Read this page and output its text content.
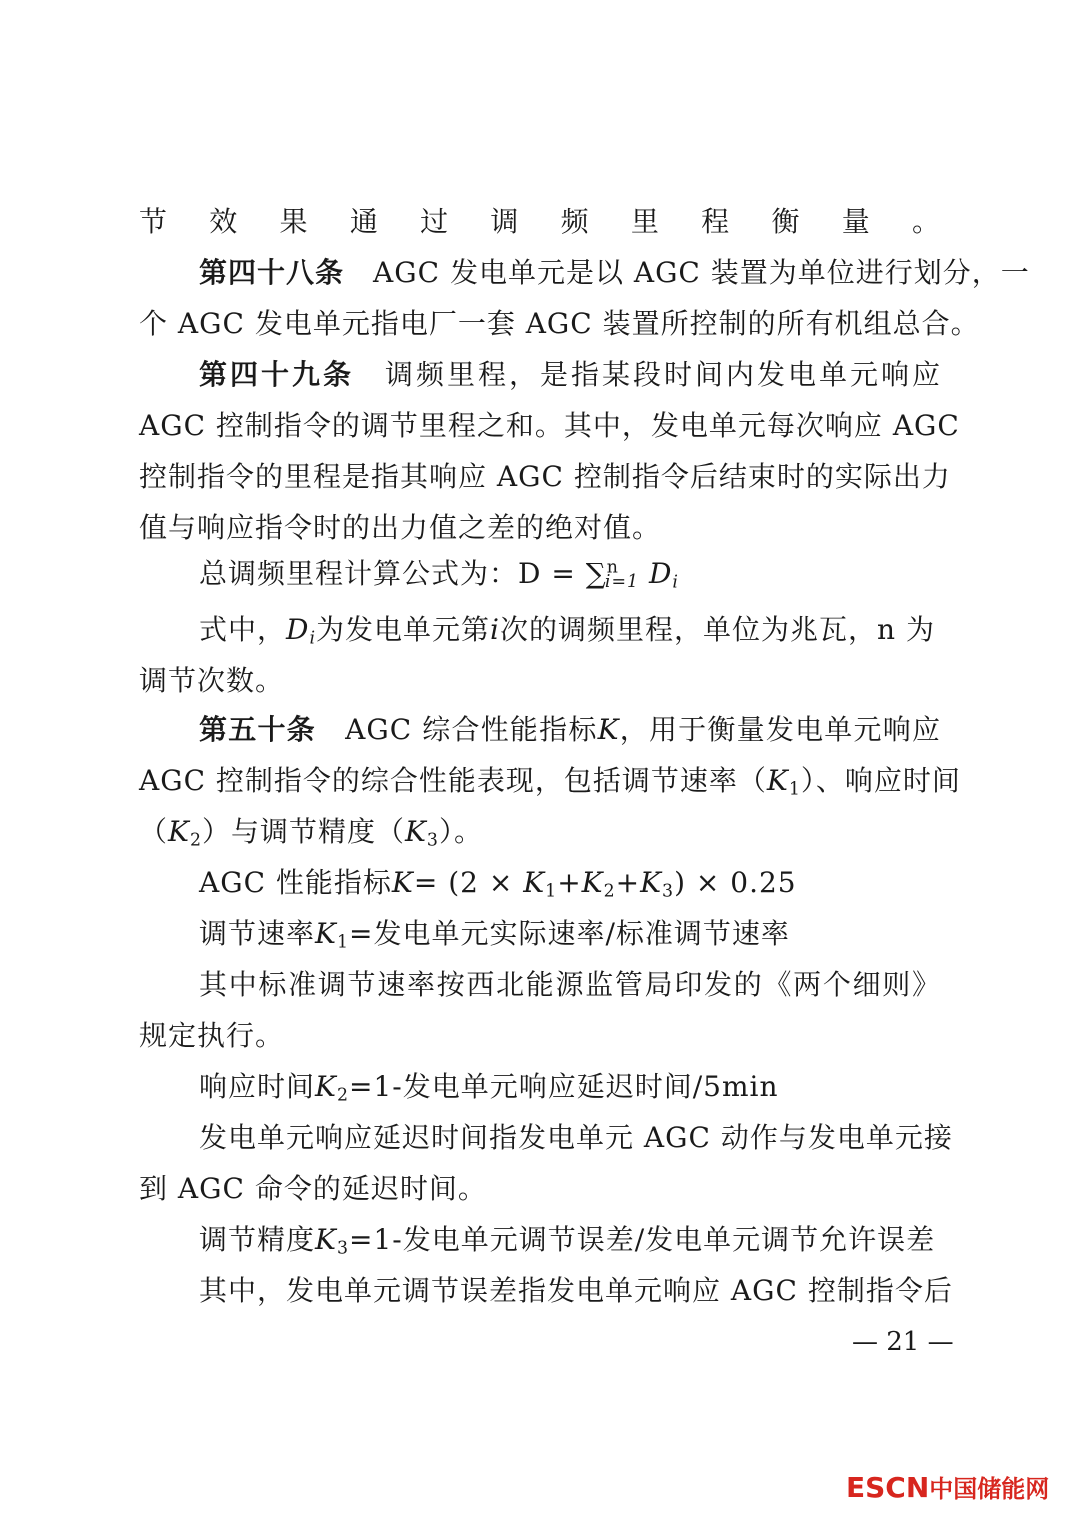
节效果通过调频里程衡量。
第四十八条　 AGC 发电单元是以 AGC 装置为单位进行划分，一
个 AGC 发电单元指电厂一套 AGC 装置所控制的所有机组总合。
第四十九条　 调频里程，是指某段时间内发电单元响应
AGC 控制指令的调节里程之和。其中，发电单元每次响应 AGC
控制指令的里程是指其响应 AGC 控制指令后结束时的实际出力
值与响应指令时的出力值之差的绝对值。
总调频里程计算公式为：D = ∑$^n_{i=1}$ $D_i$
式中，$D_i$为发电单元第i次的调频里程，单位为兆瓦，n 为
调节次数。
第五十条　 AGC 综合性能指标K，用于衡量发电单元响应
AGC 控制指令的综合性能表现，包括调节速率$(K_1)$、响应时间
$(K_2)$与调节精度$(K_3)$。
AGC 性能指标$K= (2 \times K_1+K_2+K_3) \times 0.25$
调节速率$K_1=$发电单元实际速率/标准调节速率
其中标准调节速率按西北能源监管局印发的《两个细则》
规定执行。
响应时间$K_2=1-$发电单元响应延迟时间/5min
发电单元响应延迟时间指发电单元 AGC 动作与发电单元接
到 AGC 命令的延迟时间。
调节精度$K_3=1-$发电单元调节误差/发电单元调节允许误差
其中，发电单元调节误差指发电单元响应 AGC 控制指令后
— 21 —
ESCN中国储能网
